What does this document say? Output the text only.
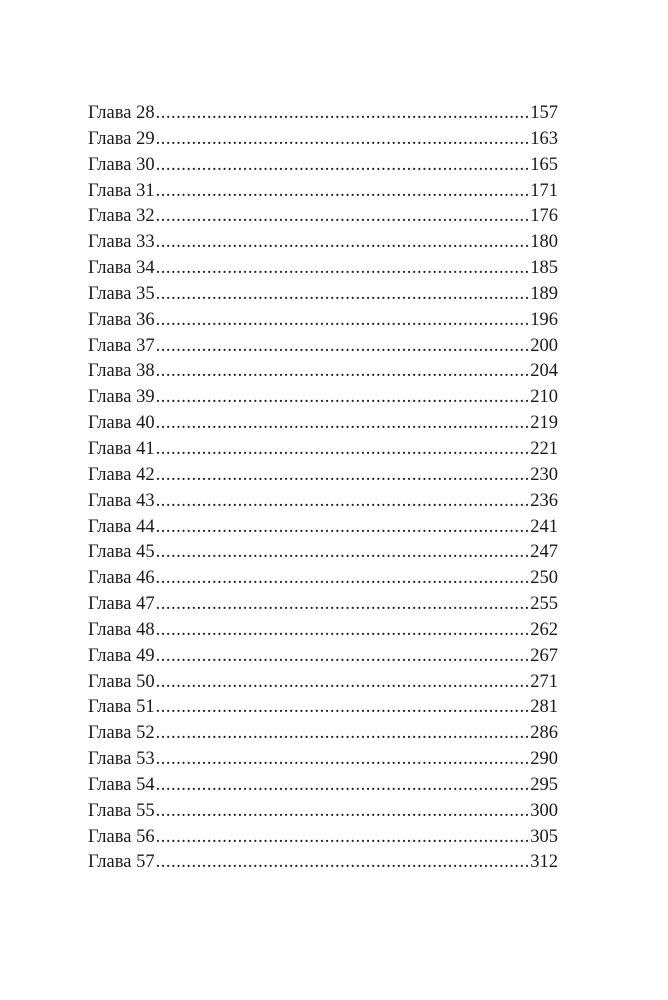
Глава 28 .....	157
Глава 29 .....	163
Глава 30 .....	165
Глава 31 .....	171
Глава 32 .....	176
Глава 33 .....	180
Глава 34 .....	185
Глава 35 .....	189
Глава 36 .....	196
Глава 37 .....	200
Глава 38 .....	204
Глава 39 .....	210
Глава 40 .....	219
Глава 41 .....	221
Глава 42 .....	230
Глава 43 .....	236
Глава 44 .....	241
Глава 45 .....	247
Глава 46 .....	250
Глава 47 .....	255
Глава 48 .....	262
Глава 49 .....	267
Глава 50 .....	271
Глава 51 .....	281
Глава 52 .....	286
Глава 53 .....	290
Глава 54 .....	295
Глава 55 .....	300
Глава 56 .....	305
Глава 57 .....	312
